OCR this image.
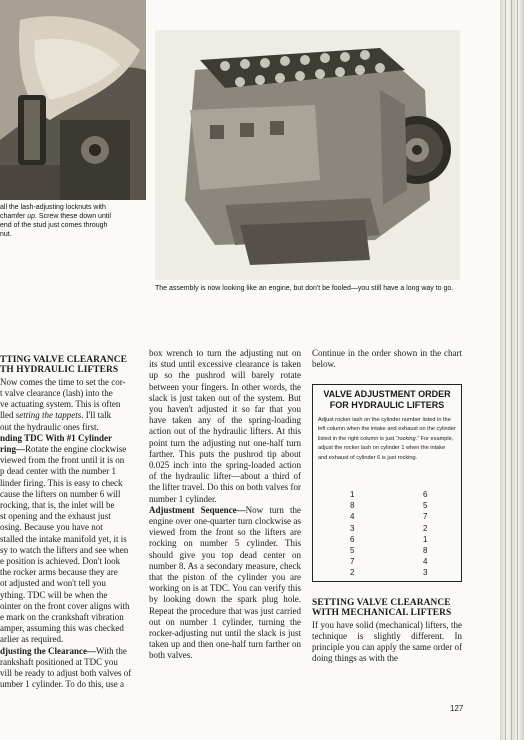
all the lash-adjusting locknuts with
chamfer up. Screw these down until
end of the stud just comes through
nut.
The assembly is now looking like an engine, but don't be fooled—you still have a long way to go.
TTING VALVE CLEARANCE
TH HYDRAULIC LIFTERS

Now comes the time to set the cor-
t valve clearance (lash) into the
ve actuating system. This is often
lled setting the tappets. I'll talk
out the hydraulic ones first.
nding TDC With #1 Cylinder
ring—Rotate the engine clockwise
viewed from the front until it is on
p dead center with the number 1
linder firing. This is easy to check
cause the lifters on number 6 will
rocking, that is, the inlet will be
st opening and the exhaust just
osing. Because you have not
stalled the intake manifold yet, it is
sy to watch the lifters and see when
e position is achieved. Don't look
the rocker arms because they are
ot adjusted and won't tell you
ything. TDC will be when the
ointer on the front cover aligns with
e mark on the crankshaft vibration
amper, assuming this was checked
arlier as required.
djusting the Clearance—With the
rankshaft positioned at TDC you
vill be ready to adjust both valves of
umber 1 cylinder. To do this, use a

box wrench to turn the adjusting nut on its stud until excessive clearance is taken up so the pushrod will barely rotate between your fingers. In other words, the slack is just taken out of the system. But you haven't adjusted it so far that you have taken any of the spring-loading action out of the hydraulic lifters. At this point turn the adjusting nut one-half turn farther. This puts the pushrod tip about 0.025 inch into the spring-loaded action of the hydraulic lifter—about a third of the lifter travel. Do this on both valves for number 1 cylinder.

Adjustment Sequence—Now turn the engine over one-quarter turn clockwise as viewed from the front so the lifters are rocking on number 5 cylinder. This should give you top dead center on number 8. As a secondary measure, check that the piston of the cylinder you are working on is at TDC. You can verify this by looking down the spark plug hole. Repeat the procedure that was just carried out on number 1 cylinder, turning the rocker-adjusting nut until the slack is just taken up and then one-half turn farther on both valves.

Continue in the order shown in the chart below.

VALVE ADJUSTMENT ORDER
FOR HYDRAULIC LIFTERS
Adjust rocker lash on the cylinder number listed in the left column when the intake and exhaust on the cylinder listed in the right column is just “rocking.” For example, adjust the rocker lash on cylinder 1 when the intake and exhaust of cylinder 6 is just rocking.
1	6
8	5
4	7
3	2
6	1
5	8
7	4
2	3
SETTING VALVE CLEARANCE
WITH MECHANICAL LIFTERS

If you have solid (mechanical) lifters, the technique is slightly different. In principle you can apply the same order of doing things as with the

127
